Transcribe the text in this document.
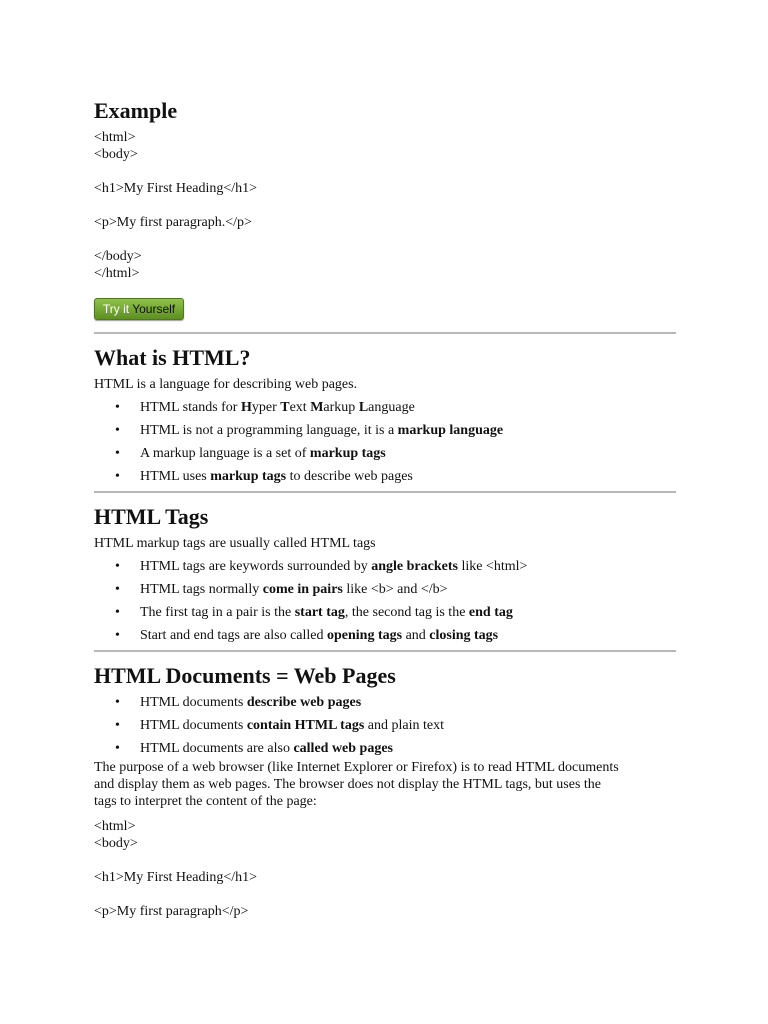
Example

<html>

<body>

<h1>My First Heading</h1>

<p>My first paragraph.</p>

</body>

</html>

Try it Yourself
What is HTML?

HTML is a language for describing web pages.

• HTML stands for Hyper Text Markup Language
• HTML is not a programming language, it is a markup language
• A markup language is a set of markup tags
• HTML uses markup tags to describe web pages
HTML Tags

HTML markup tags are usually called HTML tags

• HTML tags are keywords surrounded by angle brackets like <html>
• HTML tags normally come in pairs like <b> and </b>
• The first tag in a pair is the start tag, the second tag is the end tag
• Start and end tags are also called opening tags and closing tags
HTML Documents = Web Pages
• HTML documents describe web pages
• HTML documents contain HTML tags and plain text
• HTML documents are also called web pages

The purpose of a web browser (like Internet Explorer or Firefox) is to read HTML documents

and display them as web pages. The browser does not display the HTML tags, but uses the

tags to interpret the content of the page:

<html>

<body>

<h1>My First Heading</h1>

<p>My first paragraph</p>
